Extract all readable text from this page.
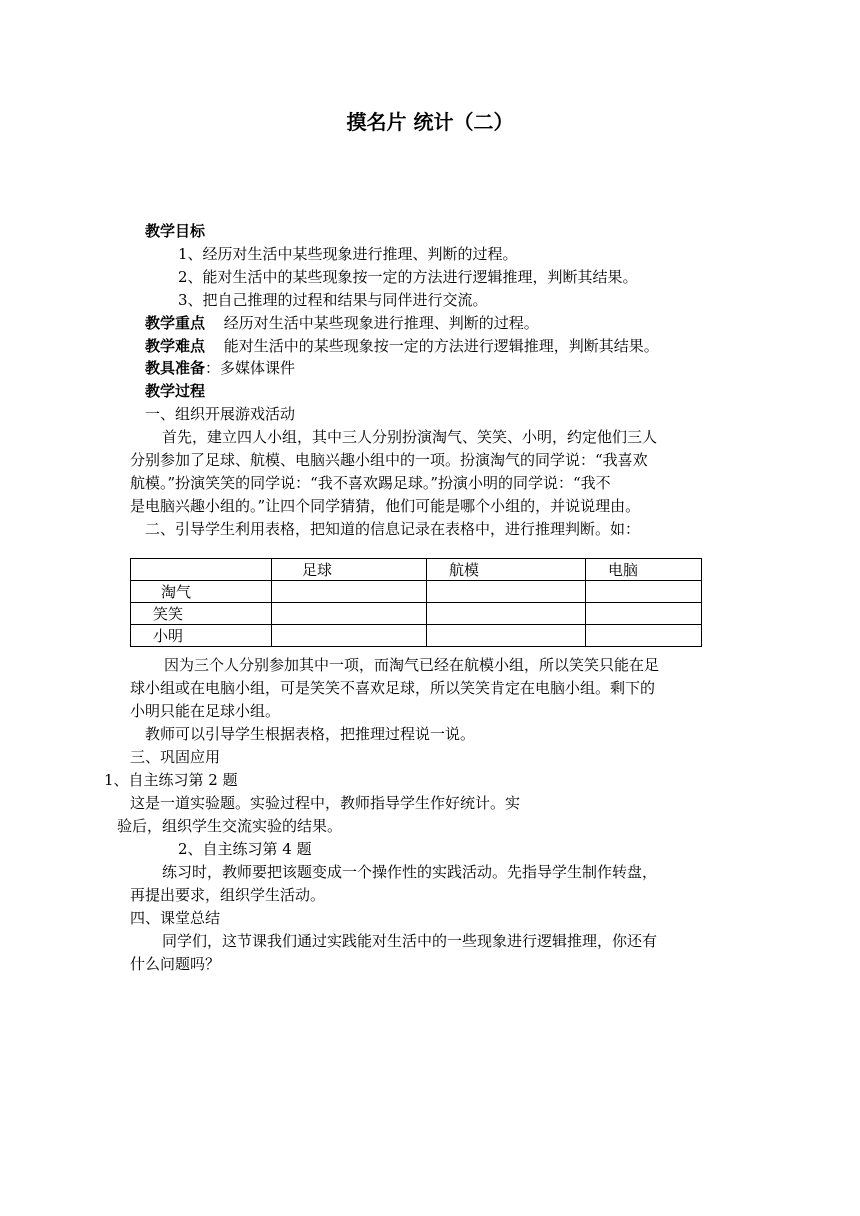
摸名片 统计（二）
教学目标
1、经历对生活中某些现象进行推理、判断的过程。
2、能对生活中的某些现象按一定的方法进行逻辑推理，判断其结果。
3、把自己推理的过程和结果与同伴进行交流。
教学重点 经历对生活中某些现象进行推理、判断的过程。
教学难点 能对生活中的某些现象按一定的方法进行逻辑推理，判断其结果。
教具准备：多媒体课件
教学过程
一、组织开展游戏活动
首先，建立四人小组，其中三人分别扮演淘气、笑笑、小明，约定他们三人
分别参加了足球、航模、电脑兴趣小组中的一项。扮演淘气的同学说：“我喜欢
航模。”扮演笑笑的同学说：“我不喜欢踢足球。”扮演小明的同学说：“我不
是电脑兴趣小组的。”让四个同学猜猜，他们可能是哪个小组的，并说说理由。
二、引导学生利用表格，把知道的信息记录在表格中，进行推理判断。如：
	足球	航模	电脑
淘气			
笑笑			
小明			
因为三个人分别参加其中一项，而淘气已经在航模小组，所以笑笑只能在足
球小组或在电脑小组，可是笑笑不喜欢足球，所以笑笑肯定在电脑小组。剩下的
小明只能在足球小组。
教师可以引导学生根据表格，把推理过程说一说。
三、巩固应用
1、自主练习第 2 题
这是一道实验题。实验过程中，教师指导学生作好统计。实
验后，组织学生交流实验的结果。
2、自主练习第 4 题
练习时，教师要把该题变成一个操作性的实践活动。先指导学生制作转盘，
再提出要求，组织学生活动。
四、课堂总结
同学们，这节课我们通过实践能对生活中的一些现象进行逻辑推理，你还有
什么问题吗？
